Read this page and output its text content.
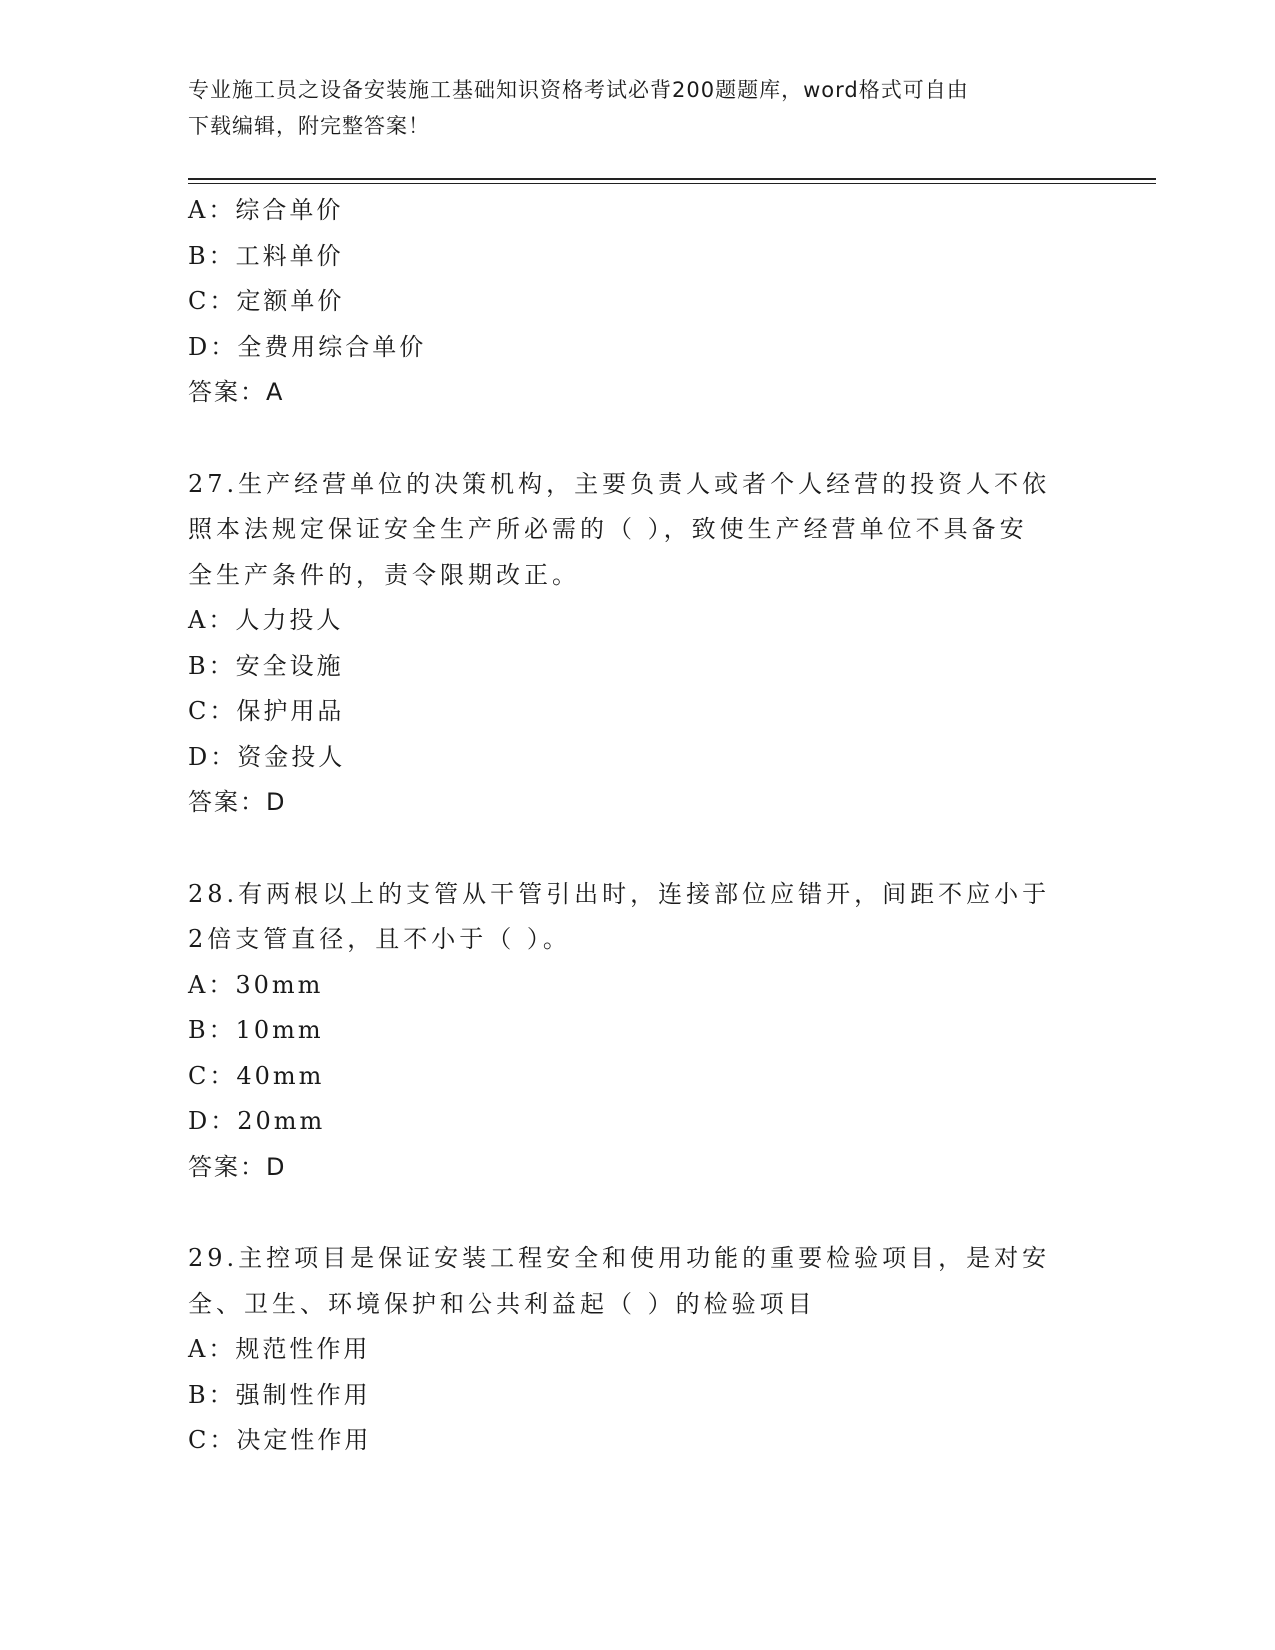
专业施工员之设备安装施工基础知识资格考试必背200题题库，word格式可自由
下载编辑，附完整答案！
A：综合单价
B：工料单价
C：定额单价
D：全费用综合单价
答案：A
27.生产经营单位的决策机构，主要负责人或者个人经营的投资人不依
照本法规定保证安全生产所必需的（ ），致使生产经营单位不具备安
全生产条件的，责令限期改正。
A：人力投人
B：安全设施
C：保护用品
D：资金投人
答案：D
28.有两根以上的支管从干管引出时，连接部位应错开，间距不应小于
2倍支管直径，且不小于（ ）。
A：30mm
B：10mm
C：40mm
D：20mm
答案：D
29.主控项目是保证安装工程安全和使用功能的重要检验项目，是对安
全、卫生、环境保护和公共利益起（ ）的检验项目
A：规范性作用
B：强制性作用
C：决定性作用
